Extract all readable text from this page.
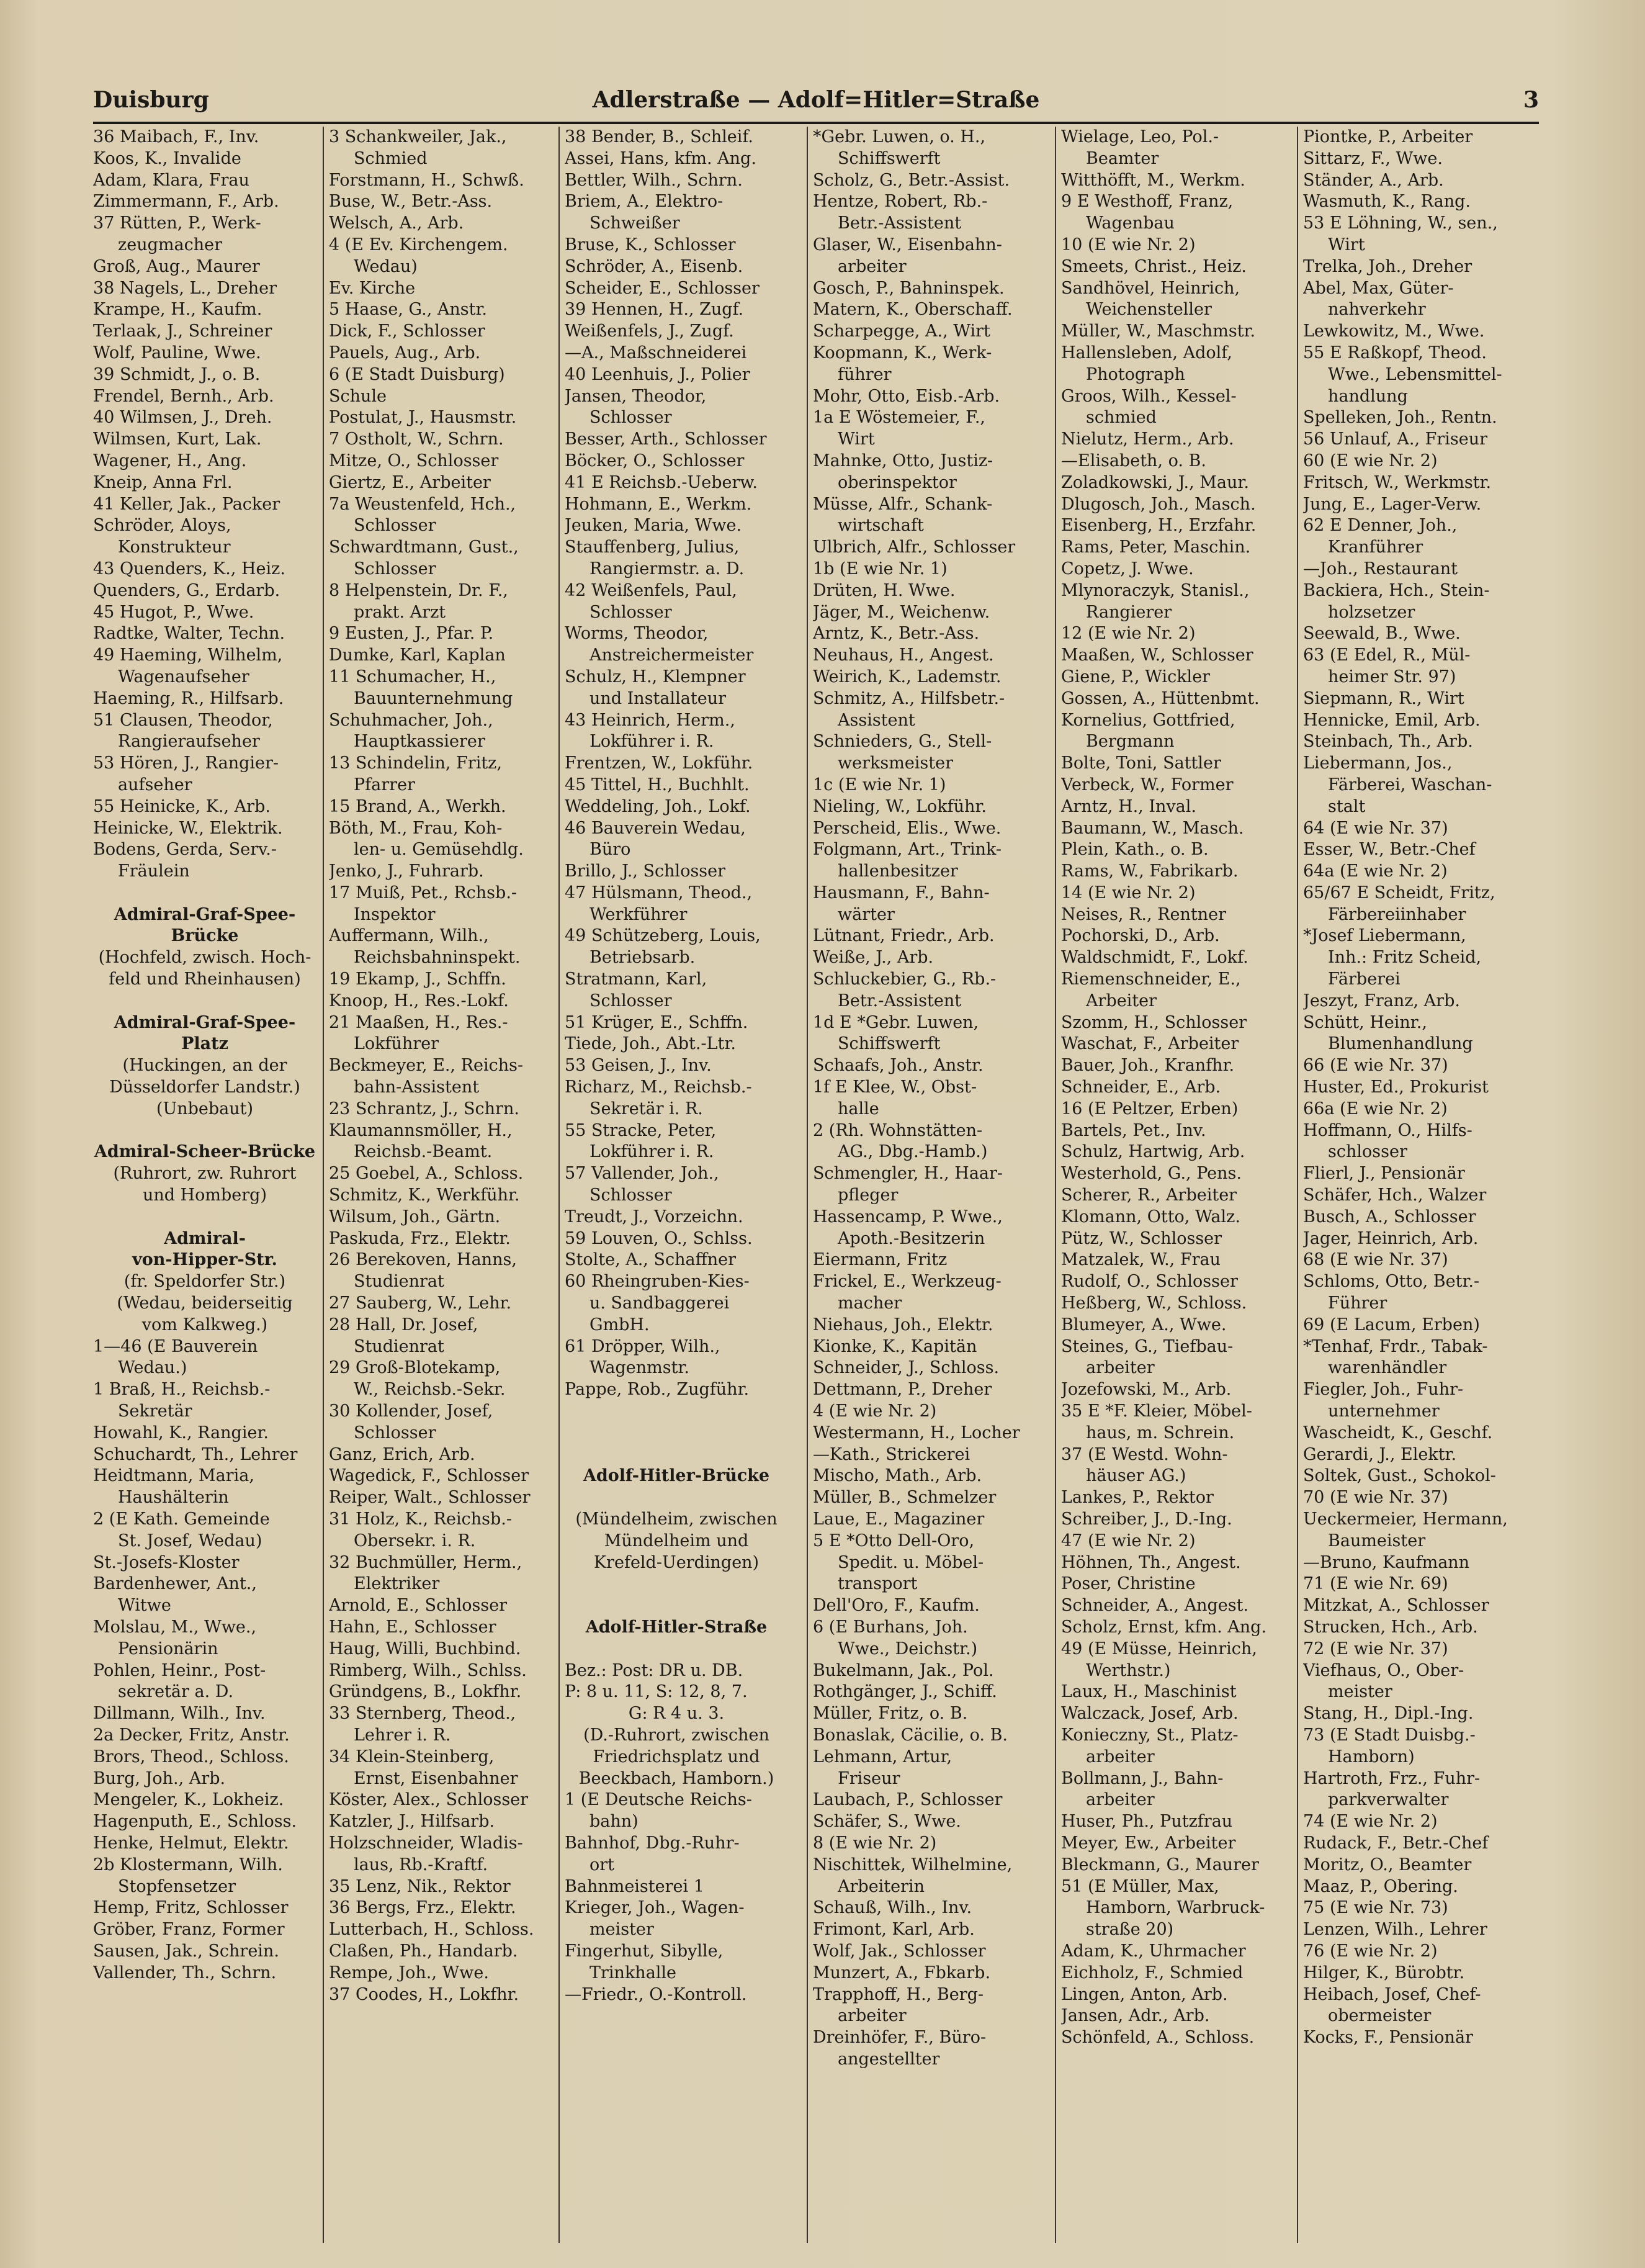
Duisburg	Adlerstraße — Adolf=Hitler=Straße	3
36 Maibach, F., Inv.
Koos, K., Invalide
Adam, Klara, Frau
Zimmermann, F., Arb.
37 Rütten, P., Werk-
zeugmacher
Groß, Aug., Maurer
38 Nagels, L., Dreher
Krampe, H., Kaufm.
Terlaak, J., Schreiner
Wolf, Pauline, Wwe.
39 Schmidt, J., o. B.
Frendel, Bernh., Arb.
40 Wilmsen, J., Dreh.
Wilmsen, Kurt, Lak.
Wagener, H., Ang.
Kneip, Anna Frl.
41 Keller, Jak., Packer
Schröder, Aloys,
Konstrukteur
43 Quenders, K., Heiz.
Quenders, G., Erdarb.
45 Hugot, P., Wwe.
Radtke, Walter, Techn.
49 Haeming, Wilhelm,
Wagenaufseher
Haeming, R., Hilfsarb.
51 Clausen, Theodor,
Rangieraufseher
53 Hören, J., Rangier-
aufseher
55 Heinicke, K., Arb.
Heinicke, W., Elektrik.
Bodens, Gerda, Serv.-
Fräulein
Admiral-Graf-Spee-
Brücke
(Hochfeld, zwisch. Hoch-
feld und Rheinhausen)
Admiral-Graf-Spee-
Platz
(Huckingen, an der
Düsseldorfer Landstr.)
(Unbebaut)
Admiral-Scheer-Brücke
(Ruhrort, zw. Ruhrort
und Homberg)
Admiral-
von-Hipper-Str.
(fr. Speldorfer Str.)
(Wedau, beiderseitig
vom Kalkweg.)
1—46 (E Bauverein
Wedau.)
1 Braß, H., Reichsb.-
Sekretär
Howahl, K., Rangier.
Schuchardt, Th., Lehrer
Heidtmann, Maria,
Haushälterin
2 (E Kath. Gemeinde
St. Josef, Wedau)
St.-Josefs-Kloster
Bardenhewer, Ant.,
Witwe
Molslau, M., Wwe.,
Pensionärin
Pohlen, Heinr., Post-
sekretär a. D.
Dillmann, Wilh., Inv.
2a Decker, Fritz, Anstr.
Brors, Theod., Schloss.
Burg, Joh., Arb.
Mengeler, K., Lokheiz.
Hagenputh, E., Schloss.
Henke, Helmut, Elektr.
2b Klostermann, Wilh.
Stopfensetzer
Hemp, Fritz, Schlosser
Gröber, Franz, Former
Sausen, Jak., Schrein.
Vallender, Th., Schrn.
3 Schankweiler, Jak.,
Schmied
Forstmann, H., Schwß.
Buse, W., Betr.-Ass.
Welsch, A., Arb.
4 (E Ev. Kirchengem.
Wedau)
Ev. Kirche
5 Haase, G., Anstr.
Dick, F., Schlosser
Pauels, Aug., Arb.
6 (E Stadt Duisburg)
Schule
Postulat, J., Hausmstr.
7 Ostholt, W., Schrn.
Mitze, O., Schlosser
Giertz, E., Arbeiter
7a Weustenfeld, Hch.,
Schlosser
Schwardtmann, Gust.,
Schlosser
8 Helpenstein, Dr. F.,
prakt. Arzt
9 Eusten, J., Pfar. P.
Dumke, Karl, Kaplan
11 Schumacher, H.,
Bauunternehmung
Schuhmacher, Joh.,
Hauptkassierer
13 Schindelin, Fritz,
Pfarrer
15 Brand, A., Werkh.
Böth, M., Frau, Koh-
len- u. Gemüsehdlg.
Jenko, J., Fuhrarb.
17 Muiß, Pet., Rchsb.-
Inspektor
Auffermann, Wilh.,
Reichsbahninspekt.
19 Ekamp, J., Schffn.
Knoop, H., Res.-Lokf.
21 Maaßen, H., Res.-
Lokführer
Beckmeyer, E., Reichs-
bahn-Assistent
23 Schrantz, J., Schrn.
Klaumannsmöller, H.,
Reichsb.-Beamt.
25 Goebel, A., Schloss.
Schmitz, K., Werkführ.
Wilsum, Joh., Gärtn.
Paskuda, Frz., Elektr.
26 Berekoven, Hanns,
Studienrat
27 Sauberg, W., Lehr.
28 Hall, Dr. Josef,
Studienrat
29 Groß-Blotekamp,
W., Reichsb.-Sekr.
30 Kollender, Josef,
Schlosser
Ganz, Erich, Arb.
Wagedick, F., Schlosser
Reiper, Walt., Schlosser
31 Holz, K., Reichsb.-
Obersekr. i. R.
32 Buchmüller, Herm.,
Elektriker
Arnold, E., Schlosser
Hahn, E., Schlosser
Haug, Willi, Buchbind.
Rimberg, Wilh., Schlss.
Gründgens, B., Lokfhr.
33 Sternberg, Theod.,
Lehrer i. R.
34 Klein-Steinberg,
Ernst, Eisenbahner
Köster, Alex., Schlosser
Katzler, J., Hilfsarb.
Holzschneider, Wladis-
laus, Rb.-Kraftf.
35 Lenz, Nik., Rektor
36 Bergs, Frz., Elektr.
Lutterbach, H., Schloss.
Claßen, Ph., Handarb.
Rempe, Joh., Wwe.
37 Coodes, H., Lokfhr.
38 Bender, B., Schleif.
Assei, Hans, kfm. Ang.
Bettler, Wilh., Schrn.
Briem, A., Elektro-
Schweißer
Bruse, K., Schlosser
Schröder, A., Eisenb.
Scheider, E., Schlosser
39 Hennen, H., Zugf.
Weißenfels, J., Zugf.
—A., Maßschneiderei
40 Leenhuis, J., Polier
Jansen, Theodor,
Schlosser
Besser, Arth., Schlosser
Böcker, O., Schlosser
41 E Reichsb.-Ueberw.
Hohmann, E., Werkm.
Jeuken, Maria, Wwe.
Stauffenberg, Julius,
Rangiermstr. a. D.
42 Weißenfels, Paul,
Schlosser
Worms, Theodor,
Anstreichermeister
Schulz, H., Klempner
und Installateur
43 Heinrich, Herm.,
Lokführer i. R.
Frentzen, W., Lokführ.
45 Tittel, H., Buchhlt.
Weddeling, Joh., Lokf.
46 Bauverein Wedau,
Büro
Brillo, J., Schlosser
47 Hülsmann, Theod.,
Werkführer
49 Schützeberg, Louis,
Betriebsarb.
Stratmann, Karl,
Schlosser
51 Krüger, E., Schffn.
Tiede, Joh., Abt.-Ltr.
53 Geisen, J., Inv.
Richarz, M., Reichsb.-
Sekretär i. R.
55 Stracke, Peter,
Lokführer i. R.
57 Vallender, Joh.,
Schlosser
Treudt, J., Vorzeichn.
59 Louven, O., Schlss.
Stolte, A., Schaffner
60 Rheingruben-Kies-
u. Sandbaggerei
GmbH.
61 Dröpper, Wilh.,
Wagenmstr.
Pappe, Rob., Zugführ.
Adolf-Hitler-Brücke
(Mündelheim, zwischen
Mündelheim und
Krefeld-Uerdingen)
Adolf-Hitler-Straße
Bez.: Post: DR u. DB.
P: 8 u. 11, S: 12, 8, 7.
G: R 4 u. 3.
(D.-Ruhrort, zwischen
Friedrichsplatz und
Beeckbach, Hamborn.)
1 (E Deutsche Reichs-
bahn)
Bahnhof, Dbg.-Ruhr-
ort
Bahnmeisterei 1
Krieger, Joh., Wagen-
meister
Fingerhut, Sibylle,
Trinkhalle
—Friedr., O.-Kontroll.
*Gebr. Luwen, o. H.,
Schiffswerft
Scholz, G., Betr.-Assist.
Hentze, Robert, Rb.-
Betr.-Assistent
Glaser, W., Eisenbahn-
arbeiter
Gosch, P., Bahninspek.
Matern, K., Oberschaff.
Scharpegge, A., Wirt
Koopmann, K., Werk-
führer
Mohr, Otto, Eisb.-Arb.
1a E Wöstemeier, F.,
Wirt
Mahnke, Otto, Justiz-
oberinspektor
Müsse, Alfr., Schank-
wirtschaft
Ulbrich, Alfr., Schlosser
1b (E wie Nr. 1)
Drüten, H. Wwe.
Jäger, M., Weichenw.
Arntz, K., Betr.-Ass.
Neuhaus, H., Angest.
Weirich, K., Lademstr.
Schmitz, A., Hilfsbetr.-
Assistent
Schnieders, G., Stell-
werksmeister
1c (E wie Nr. 1)
Nieling, W., Lokführ.
Perscheid, Elis., Wwe.
Folgmann, Art., Trink-
hallenbesitzer
Hausmann, F., Bahn-
wärter
Lütnant, Friedr., Arb.
Weiße, J., Arb.
Schluckebier, G., Rb.-
Betr.-Assistent
1d E *Gebr. Luwen,
Schiffswerft
Schaafs, Joh., Anstr.
1f E Klee, W., Obst-
halle
2 (Rh. Wohnstätten-
AG., Dbg.-Hamb.)
Schmengler, H., Haar-
pfleger
Hassencamp, P. Wwe.,
Apoth.-Besitzerin
Eiermann, Fritz
Frickel, E., Werkzeug-
macher
Niehaus, Joh., Elektr.
Kionke, K., Kapitän
Schneider, J., Schloss.
Dettmann, P., Dreher
4 (E wie Nr. 2)
Westermann, H., Locher
—Kath., Strickerei
Mischo, Math., Arb.
Müller, B., Schmelzer
Laue, E., Magaziner
5 E *Otto Dell-Oro,
Spedit. u. Möbel-
transport
Dell'Oro, F., Kaufm.
6 (E Burhans, Joh.
Wwe., Deichstr.)
Bukelmann, Jak., Pol.
Rothgänger, J., Schiff.
Müller, Fritz, o. B.
Bonaslak, Cäcilie, o. B.
Lehmann, Artur,
Friseur
Laubach, P., Schlosser
Schäfer, S., Wwe.
8 (E wie Nr. 2)
Nischittek, Wilhelmine,
Arbeiterin
Schauß, Wilh., Inv.
Frimont, Karl, Arb.
Wolf, Jak., Schlosser
Munzert, A., Fbkarb.
Trapphoff, H., Berg-
arbeiter
Dreinhöfer, F., Büro-
angestellter
Wielage, Leo, Pol.-
Beamter
Witthöfft, M., Werkm.
9 E Westhoff, Franz,
Wagenbau
10 (E wie Nr. 2)
Smeets, Christ., Heiz.
Sandhövel, Heinrich,
Weichensteller
Müller, W., Maschmstr.
Hallensleben, Adolf,
Photograph
Groos, Wilh., Kessel-
schmied
Nielutz, Herm., Arb.
—Elisabeth, o. B.
Zoladkowski, J., Maur.
Dlugosch, Joh., Masch.
Eisenberg, H., Erzfahr.
Rams, Peter, Maschin.
Copetz, J. Wwe.
Mlynoraczyk, Stanisl.,
Rangierer
12 (E wie Nr. 2)
Maaßen, W., Schlosser
Giene, P., Wickler
Gossen, A., Hüttenbmt.
Kornelius, Gottfried,
Bergmann
Bolte, Toni, Sattler
Verbeck, W., Former
Arntz, H., Inval.
Baumann, W., Masch.
Plein, Kath., o. B.
Rams, W., Fabrikarb.
14 (E wie Nr. 2)
Neises, R., Rentner
Pochorski, D., Arb.
Waldschmidt, F., Lokf.
Riemenschneider, E.,
Arbeiter
Szomm, H., Schlosser
Waschat, F., Arbeiter
Bauer, Joh., Kranfhr.
Schneider, E., Arb.
16 (E Peltzer, Erben)
Bartels, Pet., Inv.
Schulz, Hartwig, Arb.
Westerhold, G., Pens.
Scherer, R., Arbeiter
Klomann, Otto, Walz.
Pütz, W., Schlosser
Matzalek, W., Frau
Rudolf, O., Schlosser
Heßberg, W., Schloss.
Blumeyer, A., Wwe.
Steines, G., Tiefbau-
arbeiter
Jozefowski, M., Arb.
35 E *F. Kleier, Möbel-
haus, m. Schrein.
37 (E Westd. Wohn-
häuser AG.)
Lankes, P., Rektor
Schreiber, J., D.-Ing.
47 (E wie Nr. 2)
Höhnen, Th., Angest.
Poser, Christine
Schneider, A., Angest.
Scholz, Ernst, kfm. Ang.
49 (E Müsse, Heinrich,
Werthstr.)
Laux, H., Maschinist
Walczack, Josef, Arb.
Konieczny, St., Platz-
arbeiter
Bollmann, J., Bahn-
arbeiter
Huser, Ph., Putzfrau
Meyer, Ew., Arbeiter
Bleckmann, G., Maurer
51 (E Müller, Max,
Hamborn, Warbruck-
straße 20)
Adam, K., Uhrmacher
Eichholz, F., Schmied
Lingen, Anton, Arb.
Jansen, Adr., Arb.
Schönfeld, A., Schloss.
Piontke, P., Arbeiter
Sittarz, F., Wwe.
Ständer, A., Arb.
Wasmuth, K., Rang.
53 E Löhning, W., sen.,
Wirt
Trelka, Joh., Dreher
Abel, Max, Güter-
nahverkehr
Lewkowitz, M., Wwe.
55 E Raßkopf, Theod.
Wwe., Lebensmittel-
handlung
Spelleken, Joh., Rentn.
56 Unlauf, A., Friseur
60 (E wie Nr. 2)
Fritsch, W., Werkmstr.
Jung, E., Lager-Verw.
62 E Denner, Joh.,
Kranführer
—Joh., Restaurant
Backiera, Hch., Stein-
holzsetzer
Seewald, B., Wwe.
63 (E Edel, R., Mül-
heimer Str. 97)
Siepmann, R., Wirt
Hennicke, Emil, Arb.
Steinbach, Th., Arb.
Liebermann, Jos.,
Färberei, Waschan-
stalt
64 (E wie Nr. 37)
Esser, W., Betr.-Chef
64a (E wie Nr. 2)
65/67 E Scheidt, Fritz,
Färbereiinhaber
*Josef Liebermann,
Inh.: Fritz Scheid,
Färberei
Jeszyt, Franz, Arb.
Schütt, Heinr.,
Blumenhandlung
66 (E wie Nr. 37)
Huster, Ed., Prokurist
66a (E wie Nr. 2)
Hoffmann, O., Hilfs-
schlosser
Flierl, J., Pensionär
Schäfer, Hch., Walzer
Busch, A., Schlosser
Jager, Heinrich, Arb.
68 (E wie Nr. 37)
Schloms, Otto, Betr.-
Führer
69 (E Lacum, Erben)
*Tenhaf, Frdr., Tabak-
warenhändler
Fiegler, Joh., Fuhr-
unternehmer
Wascheidt, K., Geschf.
Gerardi, J., Elektr.
Soltek, Gust., Schokol-
70 (E wie Nr. 37)
Ueckermeier, Hermann,
Baumeister
—Bruno, Kaufmann
71 (E wie Nr. 69)
Mitzkat, A., Schlosser
Strucken, Hch., Arb.
72 (E wie Nr. 37)
Viefhaus, O., Ober-
meister
Stang, H., Dipl.-Ing.
73 (E Stadt Duisbg.-
Hamborn)
Hartroth, Frz., Fuhr-
parkverwalter
74 (E wie Nr. 2)
Rudack, F., Betr.-Chef
Moritz, O., Beamter
Maaz, P., Obering.
75 (E wie Nr. 73)
Lenzen, Wilh., Lehrer
76 (E wie Nr. 2)
Hilger, K., Bürobtr.
Heibach, Josef, Chef-
obermeister
Kocks, F., Pensionär
